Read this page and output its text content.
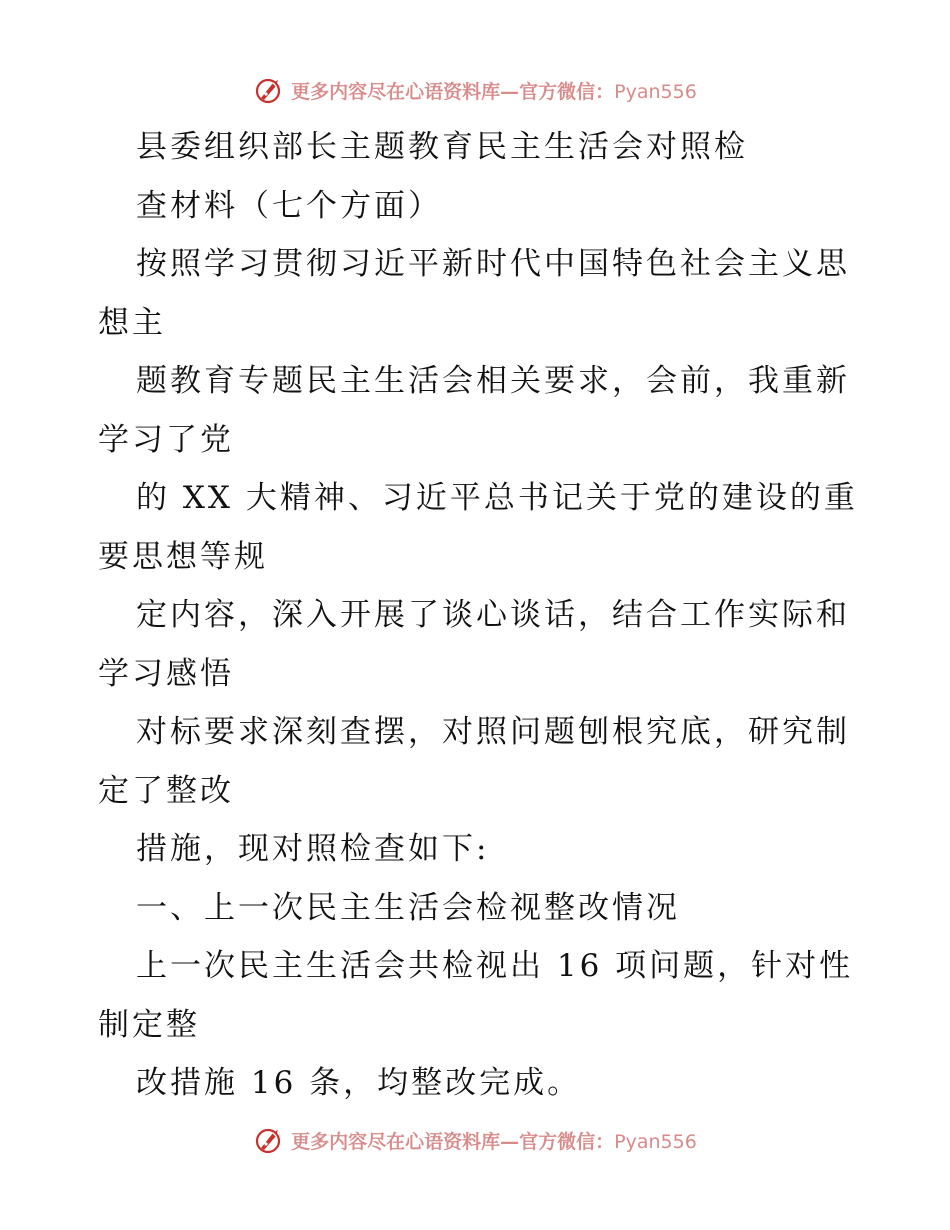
更多内容尽在心语资料库—官方微信：Pyan556
县委组织部长主题教育民主生活会对照检
查材料（七个方面）
按照学习贯彻习近平新时代中国特色社会主义思
想主
题教育专题民主生活会相关要求，会前，我重新
学习了党
的 XX 大精神、习近平总书记关于党的建设的重
要思想等规
定内容，深入开展了谈心谈话，结合工作实际和
学习感悟
对标要求深刻查摆，对照问题刨根究底，研究制
定了整改
措施，现对照检查如下:
一、上一次民主生活会检视整改情况
上一次民主生活会共检视出 16 项问题，针对性
制定整
改措施 16 条，均整改完成。
更多内容尽在心语资料库—官方微信：Pyan556
